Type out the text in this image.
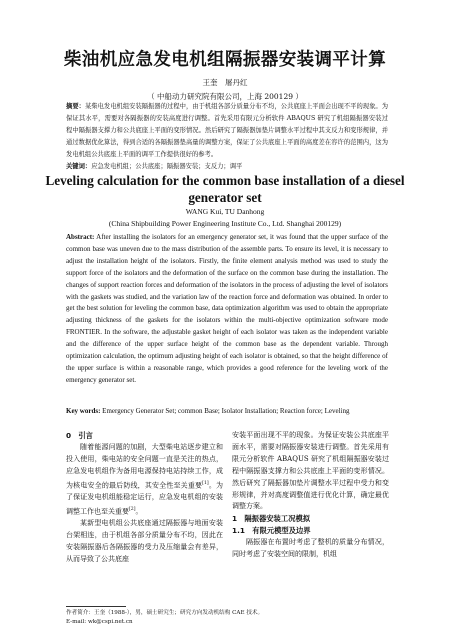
柴油机应急发电机组隔振器安装调平计算
王奎　屠丹红
（ 中船动力研究院有限公司，上海 200129 ）
摘要：某柴电发电机组安装隔振器的过程中，由于机组各部分质量分布不均，公共底座上平面会出现不平的现象。为保证其水平，需要对各隔振器的安装高度进行调整。首先采用有限元分析软件 ABAQUS 研究了机组隔振器安装过程中隔振器支撑力和公共底座上平面的变形情况。然后研究了隔振器加垫片调整水平过程中其支反力和变形规律，并通过数据优化算法，得到合适的各隔振器垫高量的调整方案，保证了公共底座上平面的高度差在容许的范围内，这为发电机组公共底座上平面的调平工作提供很好的参考。
关键词：应急发电机组；公共底座；隔振器安装；支反力；调平
Leveling calculation for the common base installation of a diesel generator set
WANG Kui, TU Danhong
(China Shipbuilding Power Engineering Institute Co., Ltd. Shanghai 200129)
Abstract: After installing the isolators for an emergency generator set, it was found that the upper surface of the common base was uneven due to the mass distribution of the assemble parts. To ensure its level, it is necessary to adjust the installation height of the isolators. Firstly, the finite element analysis method was used to study the support force of the isolators and the deformation of the surface on the common base during the installation. The changes of support reaction forces and deformation of the isolators in the process of adjusting the level of isolators with the gaskets was studied, and the variation law of the reaction force and deformation was obtained. In order to get the best solution for leveling the common base, data optimization algorithm was used to obtain the appropriate adjusting thickness of the gaskets for the isolators within the multi-objective optimization software mode FRONTIER. In the software, the adjustable gasket height of each isolator was taken as the independent variable and the difference of the upper surface height of the common base as the dependent variable. Through optimization calculation, the optimum adjusting height of each isolator is obtained, so that the height difference of the upper surface is within a reasonable range, which provides a good reference for the leveling work of the emergency generator set.
Key words: Emergency Generator Set; common Base; Isolator Installation; Reaction force; Leveling
0　引言

随着能源问题的加剧，大型柴电站逐步建立和投入使用，柴电站的安全问题一直是关注的热点，应急发电机组作为备用电源保持电站持续工作，成为核电安全的最后防线，其安全性至关重要[1]。为了保证发电机组能稳定运行，应急发电机组的安装调整工作也至关重要[2]。

某新型电机组公共底座通过隔振器与地面安装台架相连，由于机组各部分质量分布不均，因此在安装隔振器后各隔振器的受力及压缩量会有差异，从而导致了公共底座

安装平面出现不平的现象。为保证安装公共底座平面水平，需要对隔振器安装进行调整。首先采用有限元分析软件 ABAQUS 研究了机组隔振器安装过程中隔振器支撑力和公共底座上平面的变形情况。然后研究了隔振器加垫片调整水平过程中受力和变形规律，并对高度调整值进行优化计算，确定最优调整方案。

1　隔振器安装工况模拟
1.1　有限元模型及边界

隔振器在布置时考虑了整机的质量分布情况，同时考虑了安装空间的限制，机组

作者简介：王奎（1988-），男，硕士研究生；研究方向发动机结构 CAE 技术。
E-mail: wk@cspi.net.cn
